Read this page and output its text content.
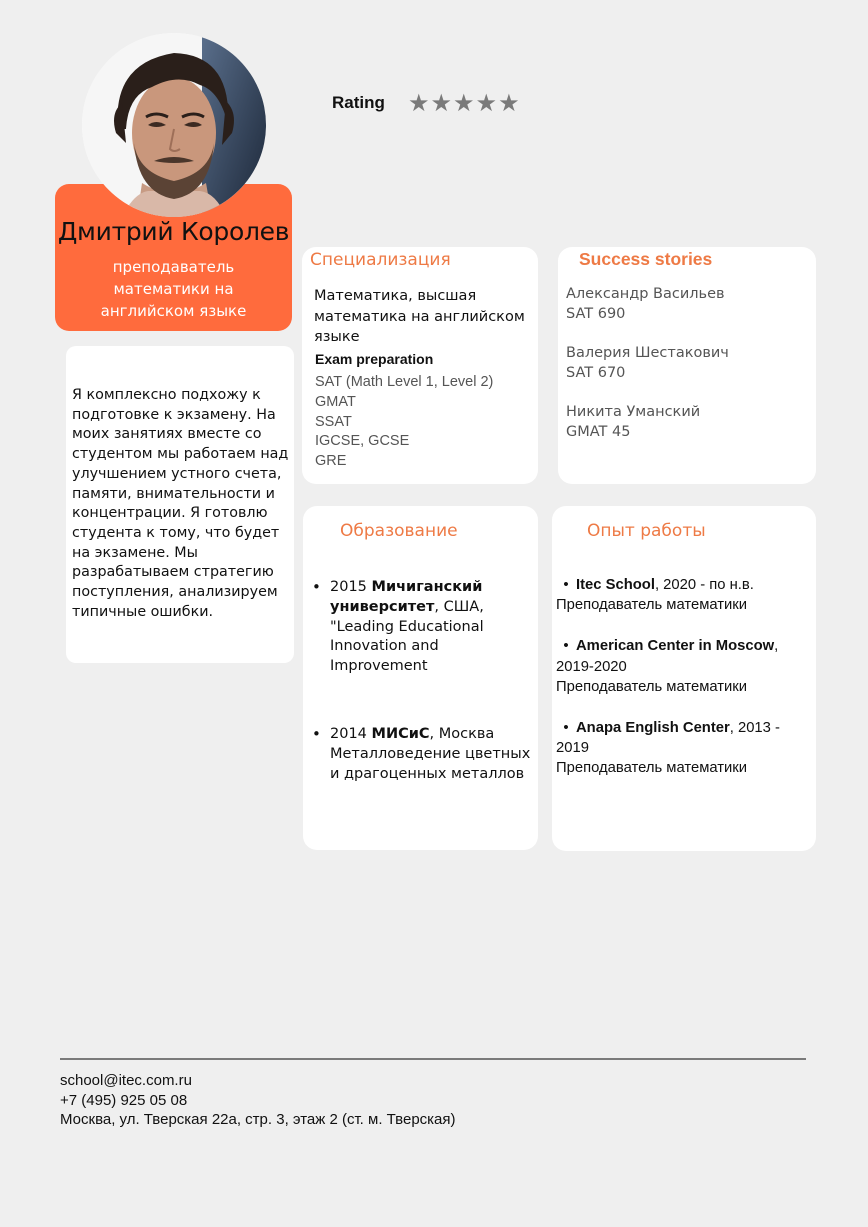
Дмитрий Королев
преподаватель математики на английском языке
Я комплексно подхожу к подготовке к экзамену. На моих занятиях вместе со студентом мы работаем над улучшением устного счета, памяти, внимательности и концентрации. Я готовлю студента к тому, что будет на экзамене. Мы разрабатываем стратегию поступления, анализируем типичные ошибки.
Rating ★★★★★
Специализация
Математика, высшая математика на английском языке
Exam preparation
SAT (Math Level 1, Level 2)
GMAT
SSAT
IGCSE, GCSE
GRE
Success stories
Александр Васильев
SAT 690
Валерия Шестакович
SAT 670
Никита Уманский
GMAT 45
Образование
• 2015 Мичиганский университет, США, "Leading Educational Innovation and Improvement
• 2014 МИСиС, Москва Металловедение цветных и драгоценных металлов
Опыт работы
• Itec School, 2020 - по н.в.
Преподаватель математики
• American Center in Moscow, 2019-2020
Преподаватель математики
• Anapa English Center, 2013 - 2019
Преподаватель математики
school@itec.com.ru
+7 (495) 925 05 08
Москва, ул. Тверская 22а, стр. 3, этаж 2 (ст. м. Тверская)
